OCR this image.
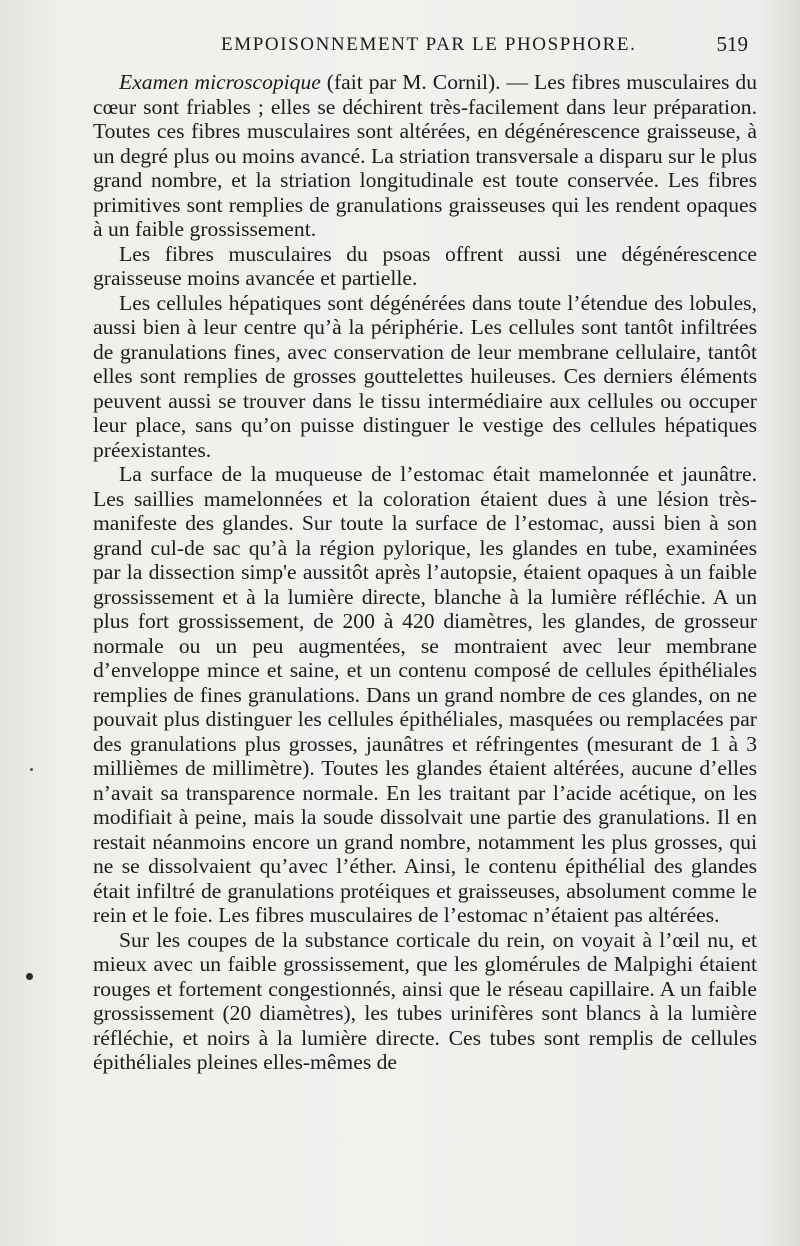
EMPOISONNEMENT PAR LE PHOSPHORE.	519

Examen microscopique (fait par M. Cornil). — Les fibres musculaires du cœur sont friables ; elles se déchirent très-facilement dans leur préparation. Toutes ces fibres musculaires sont altérées, en dégénérescence graisseuse, à un degré plus ou moins avancé. La striation transversale a disparu sur le plus grand nombre, et la striation longitudinale est toute conservée. Les fibres primitives sont remplies de granulations graisseuses qui les rendent opaques à un faible grossissement.

Les fibres musculaires du psoas offrent aussi une dégénérescence graisseuse moins avancée et partielle.

Les cellules hépatiques sont dégénérées dans toute l’étendue des lobules, aussi bien à leur centre qu’à la périphérie. Les cellules sont tantôt infiltrées de granulations fines, avec conservation de leur membrane cellulaire, tantôt elles sont remplies de grosses gouttelettes huileuses. Ces derniers éléments peuvent aussi se trouver dans le tissu intermédiaire aux cellules ou occuper leur place, sans qu’on puisse distinguer le vestige des cellules hépatiques préexistantes.

La surface de la muqueuse de l’estomac était mamelonnée et jaunâtre. Les saillies mamelonnées et la coloration étaient dues à une lésion très-manifeste des glandes. Sur toute la surface de l’estomac, aussi bien à son grand cul-de sac qu’à la région pylorique, les glandes en tube, examinées par la dissection simp'e aussitôt après l’autopsie, étaient opaques à un faible grossissement et à la lumière directe, blanche à la lumière réfléchie. A un plus fort grossissement, de 200 à 420 diamètres, les glandes, de grosseur normale ou un peu augmentées, se montraient avec leur membrane d’enveloppe mince et saine, et un contenu composé de cellules épithéliales remplies de fines granulations. Dans un grand nombre de ces glandes, on ne pouvait plus distinguer les cellules épithéliales, masquées ou remplacées par des granulations plus grosses, jaunâtres et réfringentes (mesurant de 1 à 3 millièmes de millimètre). Toutes les glandes étaient altérées, aucune d’elles n’avait sa transparence normale. En les traitant par l’acide acétique, on les modifiait à peine, mais la soude dissolvait une partie des granulations. Il en restait néanmoins encore un grand nombre, notamment les plus grosses, qui ne se dissolvaient qu’avec l’éther. Ainsi, le contenu épithélial des glandes était infiltré de granulations protéiques et graisseuses, absolument comme le rein et le foie. Les fibres musculaires de l’estomac n’étaient pas altérées.

Sur les coupes de la substance corticale du rein, on voyait à l’œil nu, et mieux avec un faible grossissement, que les glomérules de Malpighi étaient rouges et fortement congestionnés, ainsi que le réseau capillaire. A un faible grossissement (20 diamètres), les tubes urinifères sont blancs à la lumière réfléchie, et noirs à la lumière directe. Ces tubes sont remplis de cellules épithéliales pleines elles-mêmes de
